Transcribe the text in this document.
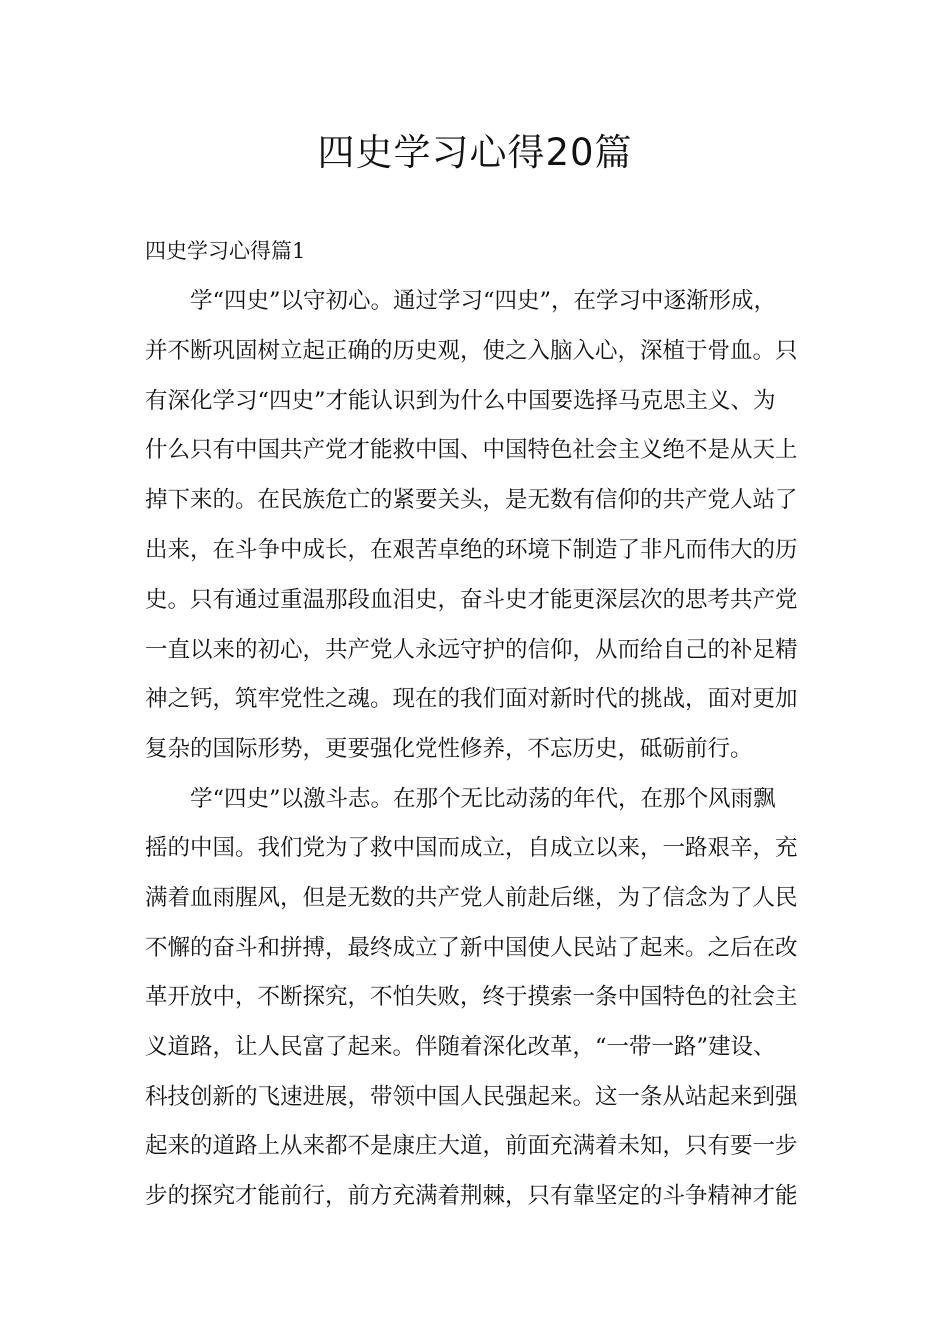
四史学习心得20篇
四史学习心得篇1

　　学“四史”以守初心。通过学习“四史”，在学习中逐渐形成，

并不断巩固树立起正确的历史观，使之入脑入心，深植于骨血。只

有深化学习“四史”才能认识到为什么中国要选择马克思主义、为

什么只有中国共产党才能救中国、中国特色社会主义绝不是从天上

掉下来的。在民族危亡的紧要关头，是无数有信仰的共产党人站了

出来，在斗争中成长，在艰苦卓绝的环境下制造了非凡而伟大的历

史。只有通过重温那段血泪史，奋斗史才能更深层次的思考共产党

一直以来的初心，共产党人永远守护的信仰，从而给自己的补足精

神之钙，筑牢党性之魂。现在的我们面对新时代的挑战，面对更加

复杂的国际形势，更要强化党性修养，不忘历史，砥砺前行。

　　学“四史”以激斗志。在那个无比动荡的年代，在那个风雨飘

摇的中国。我们党为了救中国而成立，自成立以来，一路艰辛，充

满着血雨腥风，但是无数的共产党人前赴后继，为了信念为了人民

不懈的奋斗和拼搏，最终成立了新中国使人民站了起来。之后在改

革开放中，不断探究，不怕失败，终于摸索一条中国特色的社会主

义道路，让人民富了起来。伴随着深化改革，“一带一路”建设、

科技创新的飞速进展，带领中国人民强起来。这一条从站起来到强

起来的道路上从来都不是康庄大道，前面充满着未知，只有要一步

步的探究才能前行，前方充满着荆棘，只有靠坚定的斗争精神才能
